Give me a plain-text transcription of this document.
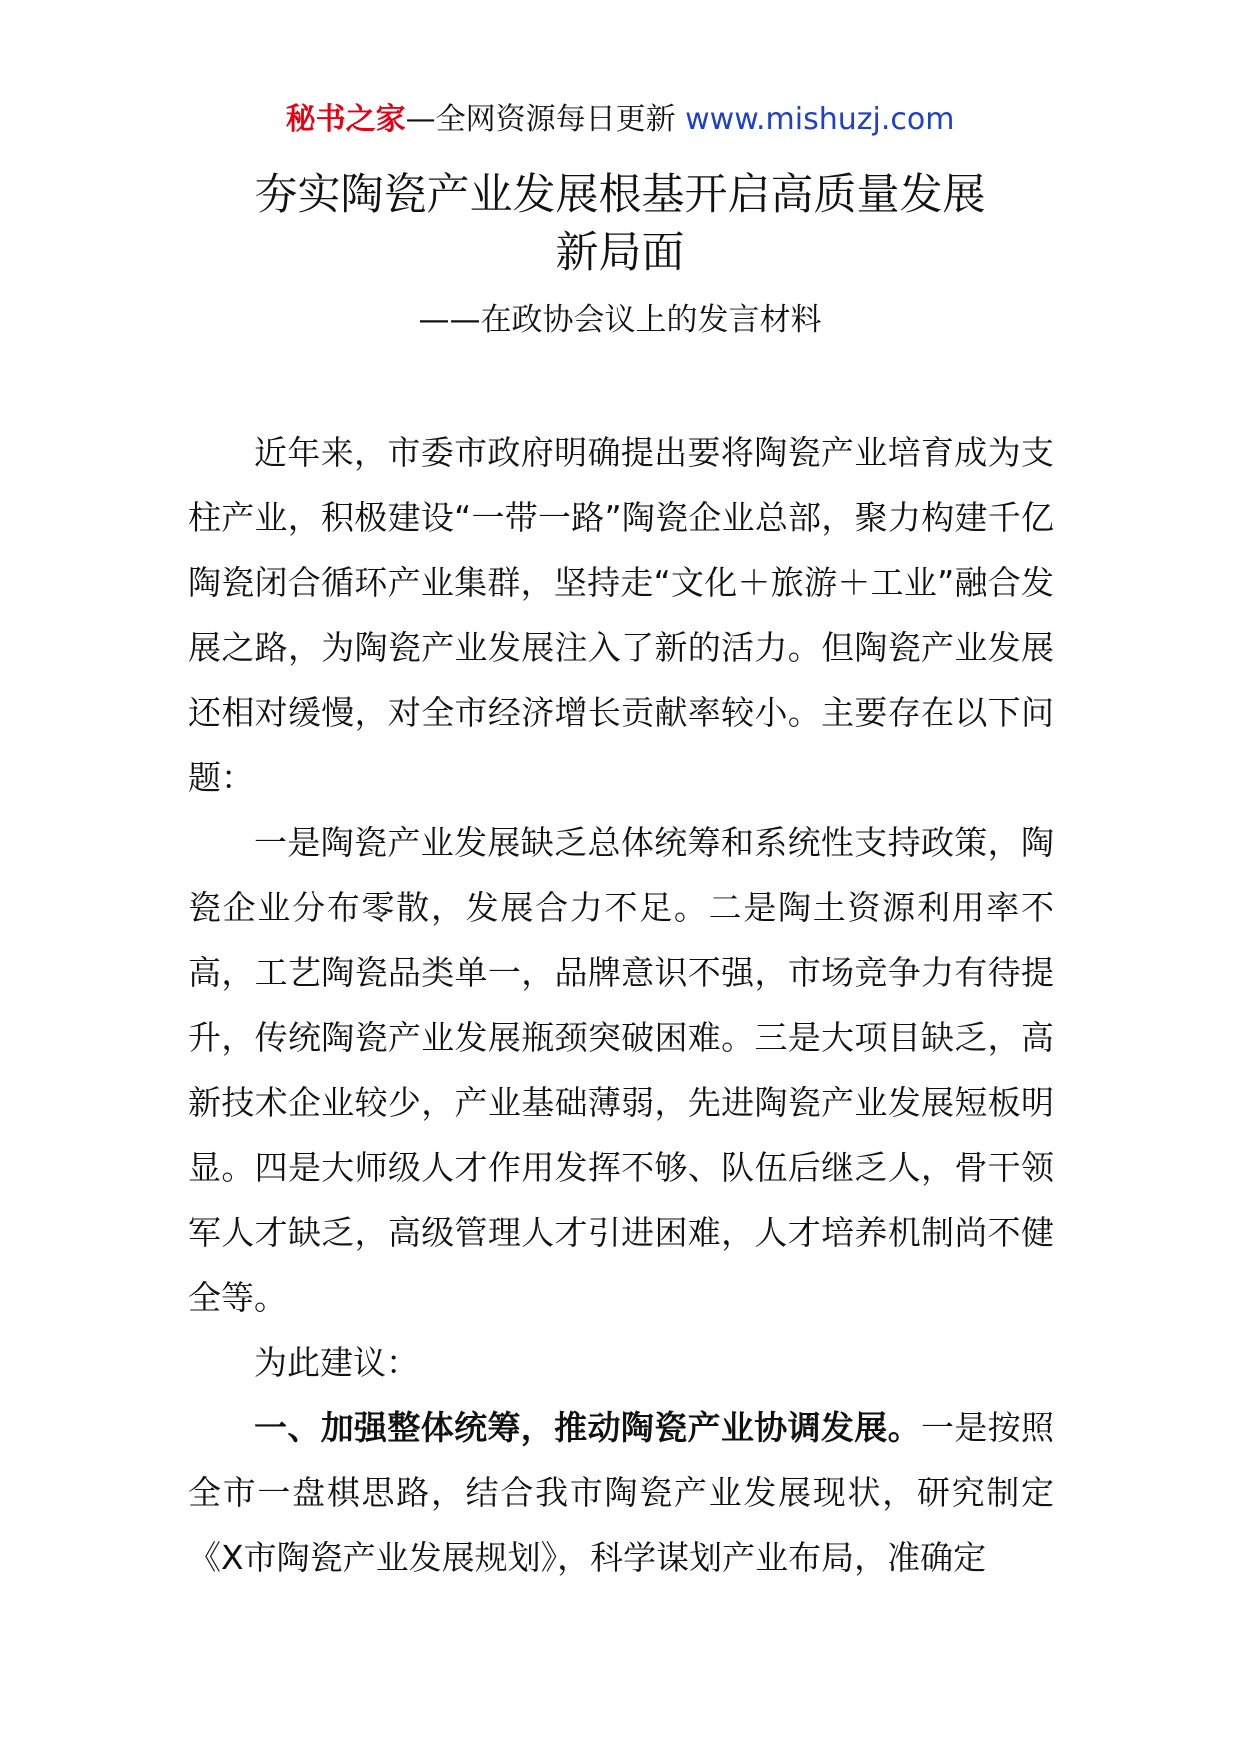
秘书之家—全网资源每日更新 www.mishuzj.com
夯实陶瓷产业发展根基开启高质量发展
新局面
——在政协会议上的发言材料

近年来，市委市政府明确提出要将陶瓷产业培育成为支柱产业，积极建设“一带一路”陶瓷企业总部，聚力构建千亿陶瓷闭合循环产业集群，坚持走“文化＋旅游＋工业”融合发展之路，为陶瓷产业发展注入了新的活力。但陶瓷产业发展还相对缓慢，对全市经济增长贡献率较小。主要存在以下问题：

一是陶瓷产业发展缺乏总体统筹和系统性支持政策，陶瓷企业分布零散，发展合力不足。二是陶土资源利用率不高，工艺陶瓷品类单一，品牌意识不强，市场竞争力有待提升，传统陶瓷产业发展瓶颈突破困难。三是大项目缺乏，高新技术企业较少，产业基础薄弱，先进陶瓷产业发展短板明显。四是大师级人才作用发挥不够、队伍后继乏人，骨干领军人才缺乏，高级管理人才引进困难，人才培养机制尚不健全等。

为此建议：

一、加强整体统筹，推动陶瓷产业协调发展。一是按照全市一盘棋思路，结合我市陶瓷产业发展现状，研究制定《X市陶瓷产业发展规划》，科学谋划产业布局，准确定
